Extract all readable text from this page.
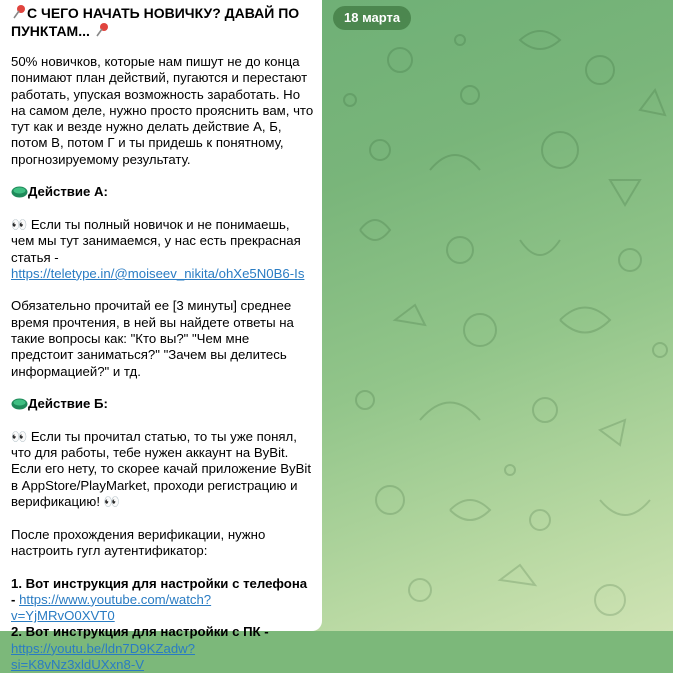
18 марта
С ЧЕГО НАЧАТЬ НОВИЧКУ? ДАВАЙ ПО ПУНКТАМ...

50% новичков, которые нам пишут не до конца понимают план действий, пугаются и перестают работать, упуская возможность заработать. Но на самом деле, нужно просто прояснить вам, что тут как и везде нужно делать действие А, Б, потом В, потом Г и ты придешь к понятному, прогнозируемому результату.

Действие А:

👀 Если ты полный новичок и не понимаешь, чем мы тут занимаемся, у нас есть прекрасная статья - https://teletype.in/@moiseev_nikita/ohXe5N0B6-Is

Обязательно прочитай ее [3 минуты] среднее время прочтения, в ней вы найдете ответы на такие вопросы как: "Кто вы?" "Чем мне предстоит заниматься?" "Зачем вы делитесь информацией?" и тд.

Действие Б:

👀 Если ты прочитал статью, то ты уже понял, что для работы, тебе нужен аккаунт на ByBit. Если его нету, то скорее качай приложение ByBit в AppStore/PlayMarket, проходи регистрацию и верификацию! 👀

После прохождения верификации, нужно настроить гугл аутентификатор:

1. Вот инструкция для настройки с телефона - https://www.youtube.com/watch?v=YjMRvO0XVT0
2. Вот инструкция для настройки с ПК - https://youtu.be/ldn7D9KZadw?si=K8vNz3xldUXxn8-V
